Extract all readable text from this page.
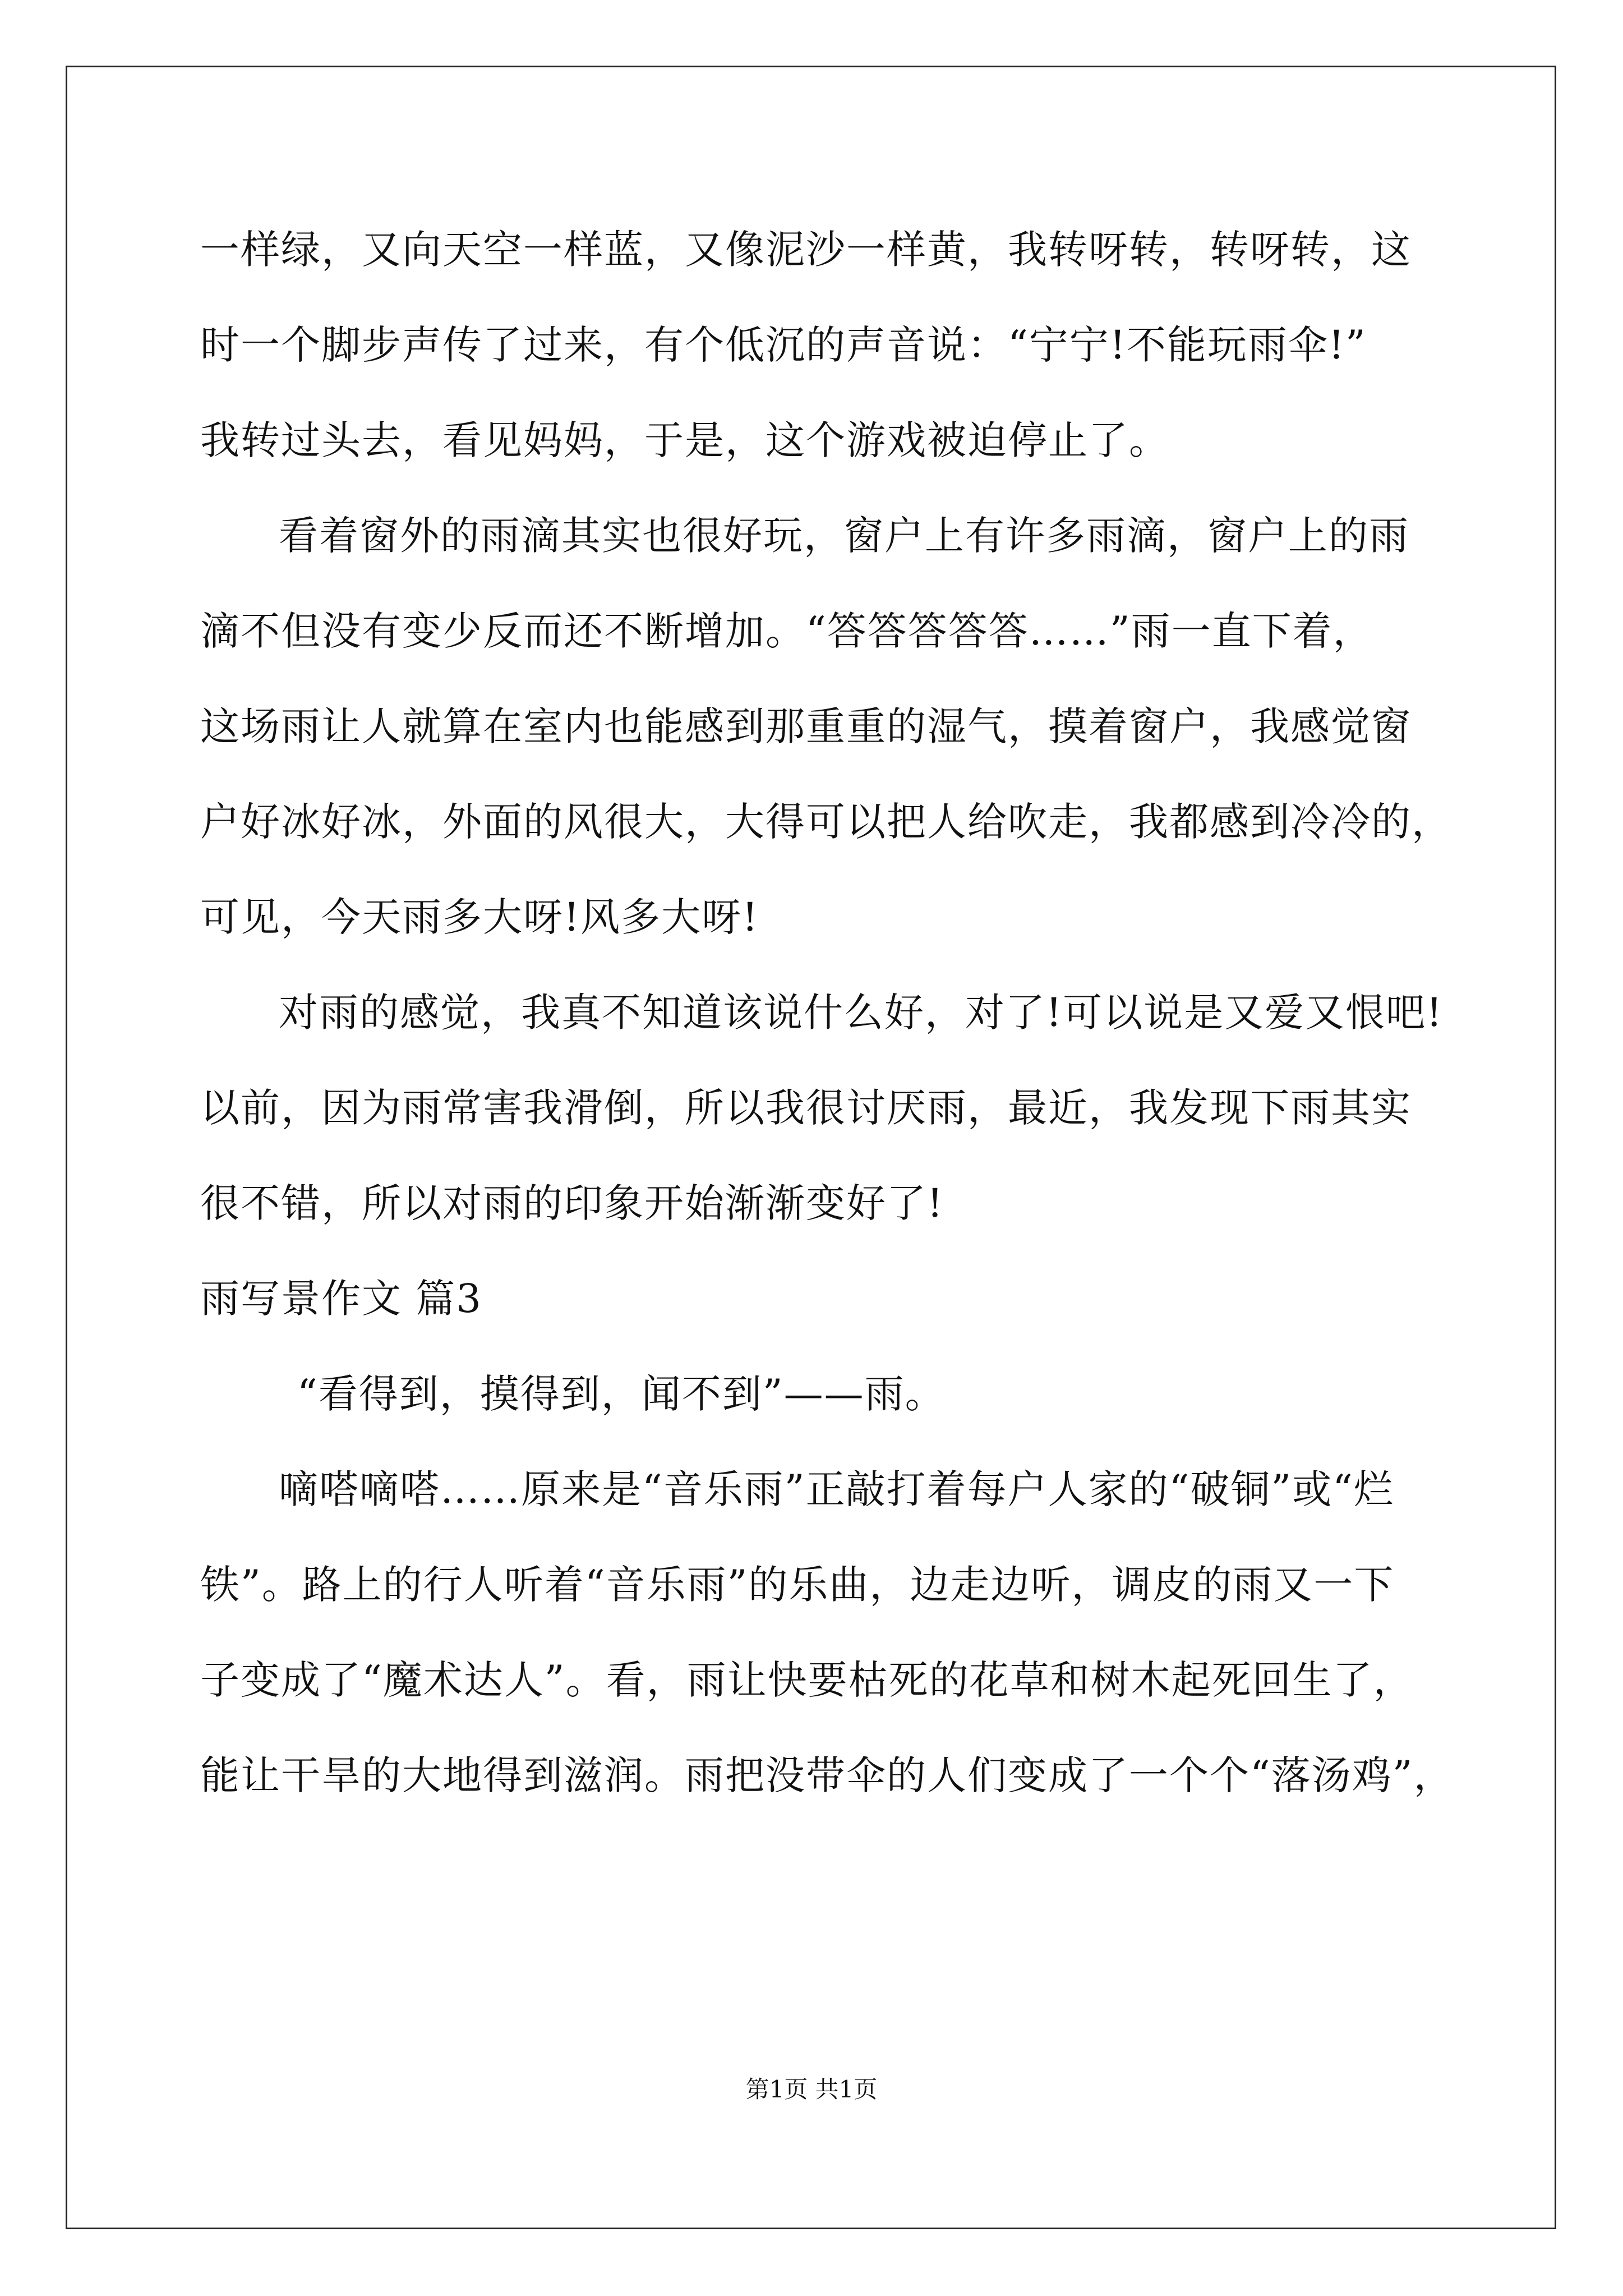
一样绿，又向天空一样蓝，又像泥沙一样黄，我转呀转，转呀转，这
时一个脚步声传了过来，有个低沉的声音说：“宁宁!不能玩雨伞!”
我转过头去，看见妈妈，于是，这个游戏被迫停止了。
看着窗外的雨滴其实也很好玩，窗户上有许多雨滴，窗户上的雨
滴不但没有变少反而还不断增加。“答答答答答……”雨一直下着，
这场雨让人就算在室内也能感到那重重的湿气，摸着窗户，我感觉窗
户好冰好冰，外面的风很大，大得可以把人给吹走，我都感到冷冷的，
可见，今天雨多大呀!风多大呀!
对雨的感觉，我真不知道该说什么好，对了!可以说是又爱又恨吧!
以前，因为雨常害我滑倒，所以我很讨厌雨，最近，我发现下雨其实
很不错，所以对雨的印象开始渐渐变好了!
雨写景作文 篇3
“看得到，摸得到，闻不到”——雨。
嘀嗒嘀嗒……原来是“音乐雨”正敲打着每户人家的“破铜”或“烂
铁”。路上的行人听着“音乐雨”的乐曲，边走边听，调皮的雨又一下
子变成了“魔术达人”。看，雨让快要枯死的花草和树木起死回生了，
能让干旱的大地得到滋润。雨把没带伞的人们变成了一个个“落汤鸡”，
第1页 共1页
